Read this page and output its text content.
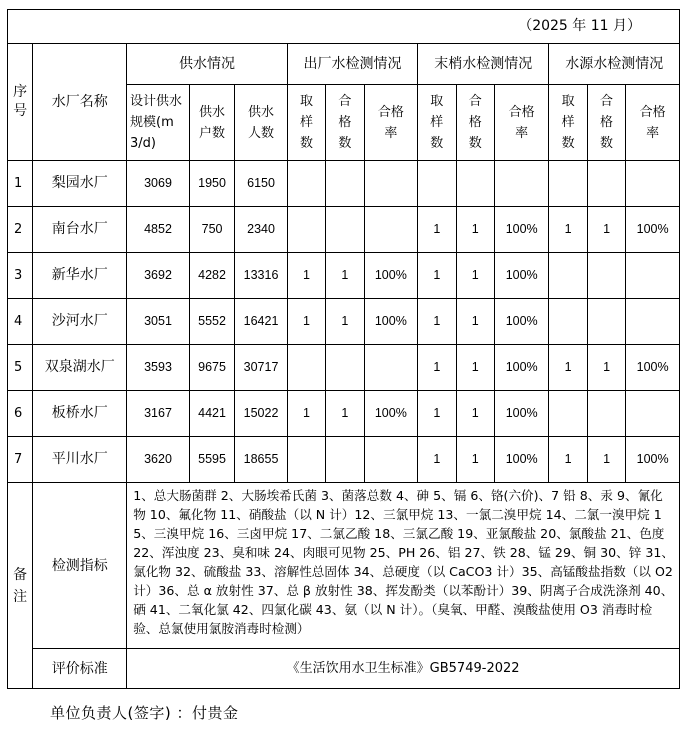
（2025 年 11 月）													
序号	水厂名称	供水情况			出厂水检测情况			末梢水检测情况			水源水检测情况		
		设计供水规模(m3/d)	供水户数	供水人数	取样数	合格数	合格率	取样数	合格数	合格率	取样数	合格数	合格率
1	梨园水厂	3069	1950	6150									
2	南台水厂	4852	750	2340				1	1	100%	1	1	100%
3	新华水厂	3692	4282	13316	1	1	100%	1	1	100%			
4	沙河水厂	3051	5552	16421	1	1	100%	1	1	100%			
5	双泉湖水厂	3593	9675	30717				1	1	100%	1	1	100%
6	板桥水厂	3167	4421	15022	1	1	100%	1	1	100%			
7	平川水厂	3620	5595	18655				1	1	100%	1	1	100%
备注	检测指标	1、总大肠菌群 2、大肠埃希氏菌 3、菌落总数 4、砷 5、镉 6、铬(六价)、7 铅 8、汞 9、氰化物 10、氟化物 11、硝酸盐（以 N 计）12、三氯甲烷 13、一氯二溴甲烷 14、二氯一溴甲烷 15、三溴甲烷 16、三卤甲烷 17、二氯乙酸 18、三氯乙酸 19、亚氯酸盐 20、氯酸盐 21、色度 22、浑浊度 23、臭和味 24、肉眼可见物 25、PH 26、铝 27、铁 28、锰 29、铜 30、锌 31、氯化物 32、硫酸盐 33、溶解性总固体 34、总硬度（以 CaCO3 计）35、高锰酸盐指数（以 O2 计）36、总 α 放射性 37、总 β 放射性 38、挥发酚类（以苯酚计）39、阴离子合成洗涤剂 40、硒 41、二氧化氯 42、四氯化碳 43、氨（以 N 计）。（臭氧、甲醛、溴酸盐使用 O3 消毒时检验、总氯使用氯胺消毒时检测）											
	评价标准	《生活饮用水卫生标准》GB5749-2022											
单位负责人(签字) ：付贵金
